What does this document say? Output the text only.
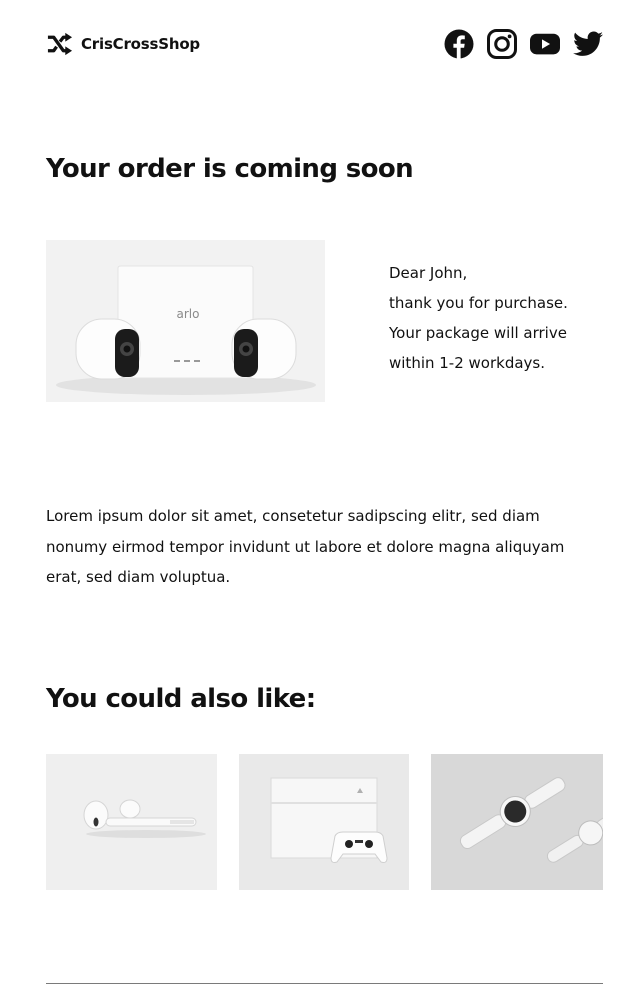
CrisCrossShop
Your order is coming soon
arlo

Dear John,

thank you for purchase.

Your package will arrive

within 1-2 workdays.

Lorem ipsum dolor sit amet, consetetur sadipscing elitr, sed diam nonumy eirmod tempor invidunt ut labore et dolore magna aliquyam erat, sed diam voluptua.

You could also like:
